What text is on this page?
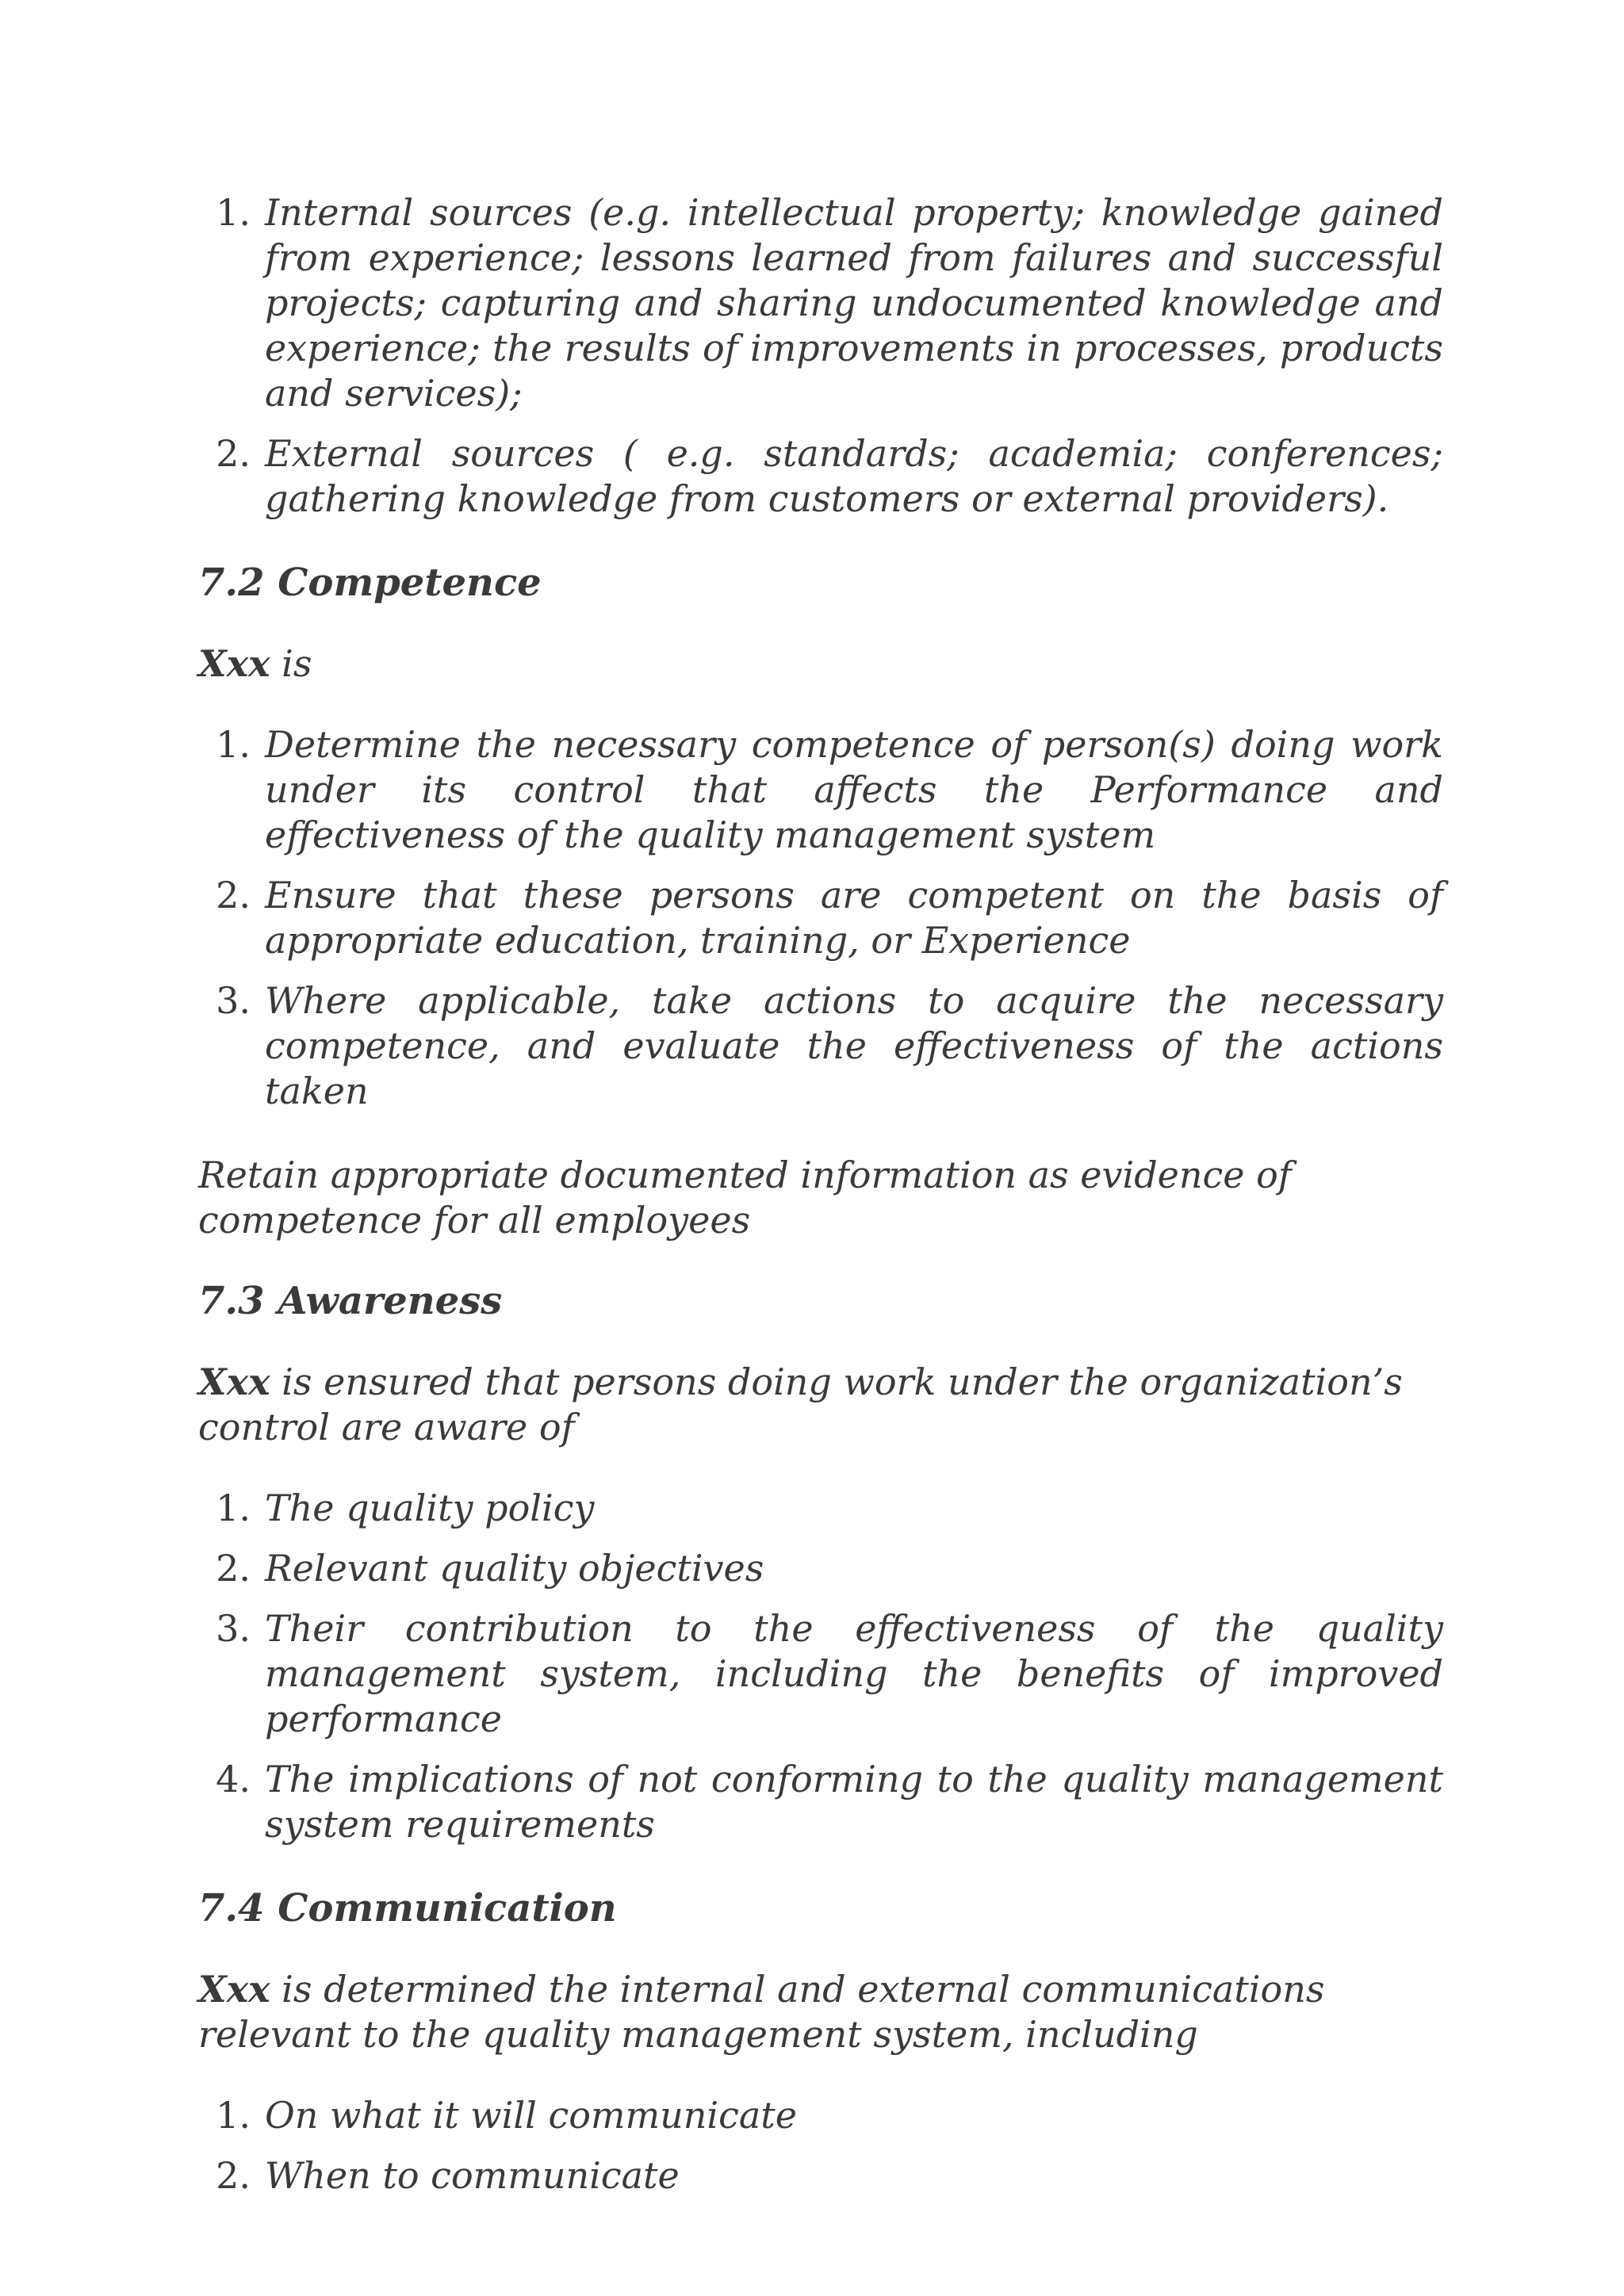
1. Internal sources (e.g. intellectual property; knowledge gained from experience; lessons learned from failures and successful projects; capturing and sharing undocumented knowledge and experience; the results of improvements in processes, products and services);
2. External sources ( e.g. standards; academia; conferences; gathering knowledge from customers or external providers).
7.2 Competence

Xxx is

1. Determine the necessary competence of person(s) doing work under its control that affects the Performance and effectiveness of the quality management system
2. Ensure that these persons are competent on the basis of appropriate education, training, or Experience
3. Where applicable, take actions to acquire the necessary competence, and evaluate the effectiveness of the actions taken

Retain appropriate documented information as evidence of
competence for all employees

7.3 Awareness

Xxx is ensured that persons doing work under the organization’s
control are aware of

1. The quality policy
2. Relevant quality objectives
3. Their contribution to the effectiveness of the quality management system, including the benefits of improved performance
4. The implications of not conforming to the quality management system requirements
7.4 Communication

Xxx is determined the internal and external communications
relevant to the quality management system, including

1. On what it will communicate
2. When to communicate
